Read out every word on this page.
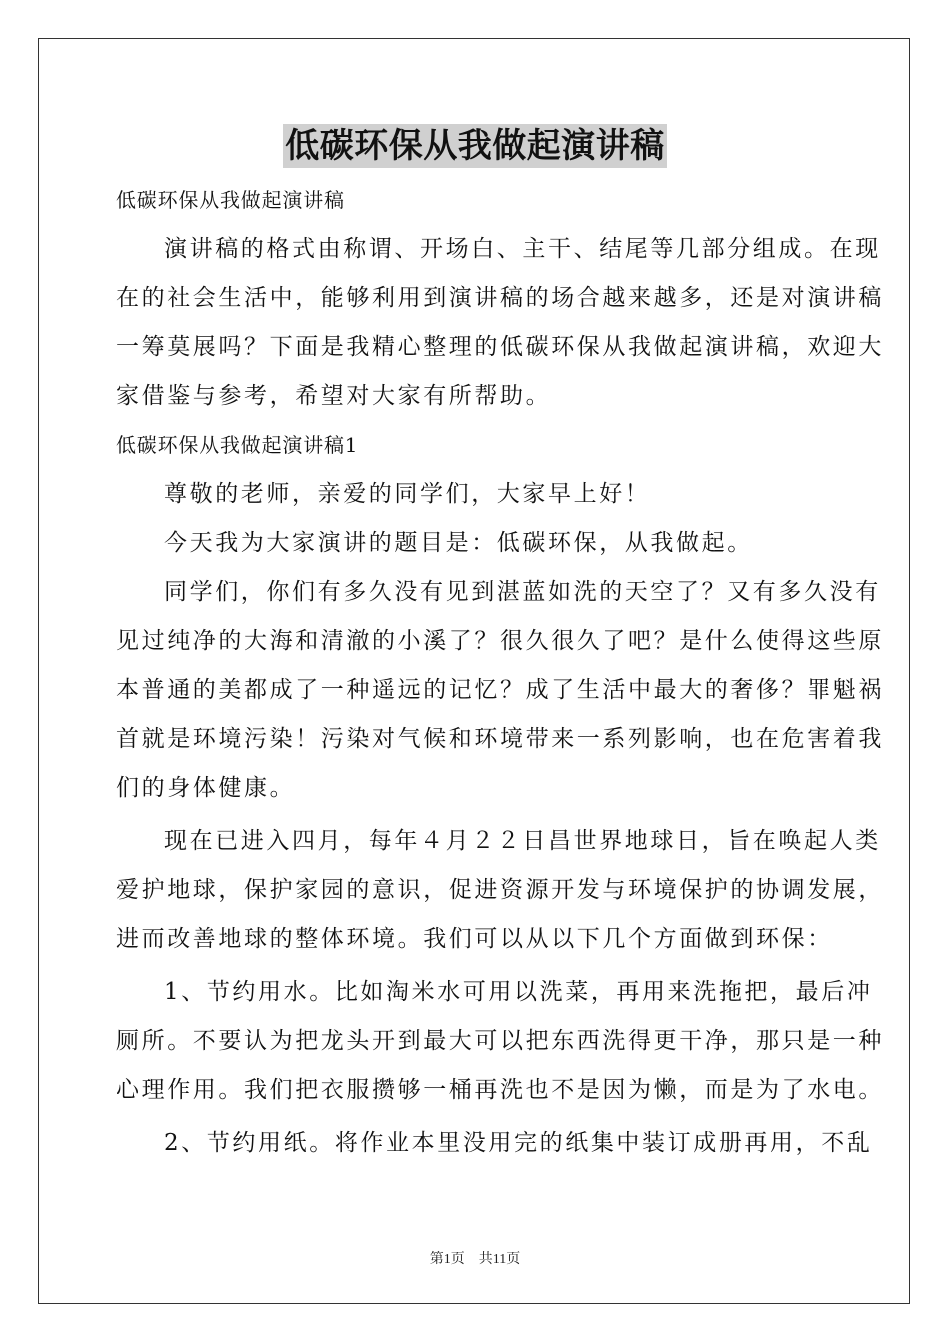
低碳环保从我做起演讲稿

低碳环保从我做起演讲稿

演讲稿的格式由称谓、开场白、主干、结尾等几部分组成。在现

在的社会生活中，能够利用到演讲稿的场合越来越多，还是对演讲稿

一筹莫展吗？下面是我精心整理的低碳环保从我做起演讲稿，欢迎大

家借鉴与参考，希望对大家有所帮助。

低碳环保从我做起演讲稿1

尊敬的老师，亲爱的同学们，大家早上好！

今天我为大家演讲的题目是：低碳环保，从我做起。

同学们，你们有多久没有见到湛蓝如洗的天空了？又有多久没有

见过纯净的大海和清澈的小溪了？很久很久了吧？是什么使得这些原

本普通的美都成了一种遥远的记忆？成了生活中最大的奢侈？罪魁祸

首就是环境污染！污染对气候和环境带来一系列影响，也在危害着我

们的身体健康。

现在已进入四月，每年４月２２日昌世界地球日，旨在唤起人类

爱护地球，保护家园的意识，促进资源开发与环境保护的协调发展，

进而改善地球的整体环境。我们可以从以下几个方面做到环保：

1、节约用水。比如淘米水可用以洗菜，再用来洗拖把，最后冲

厕所。不要认为把龙头开到最大可以把东西洗得更干净，那只是一种

心理作用。我们把衣服攒够一桶再洗也不是因为懒，而是为了水电。

2、节约用纸。将作业本里没用完的纸集中装订成册再用，不乱

第1页　共11页
